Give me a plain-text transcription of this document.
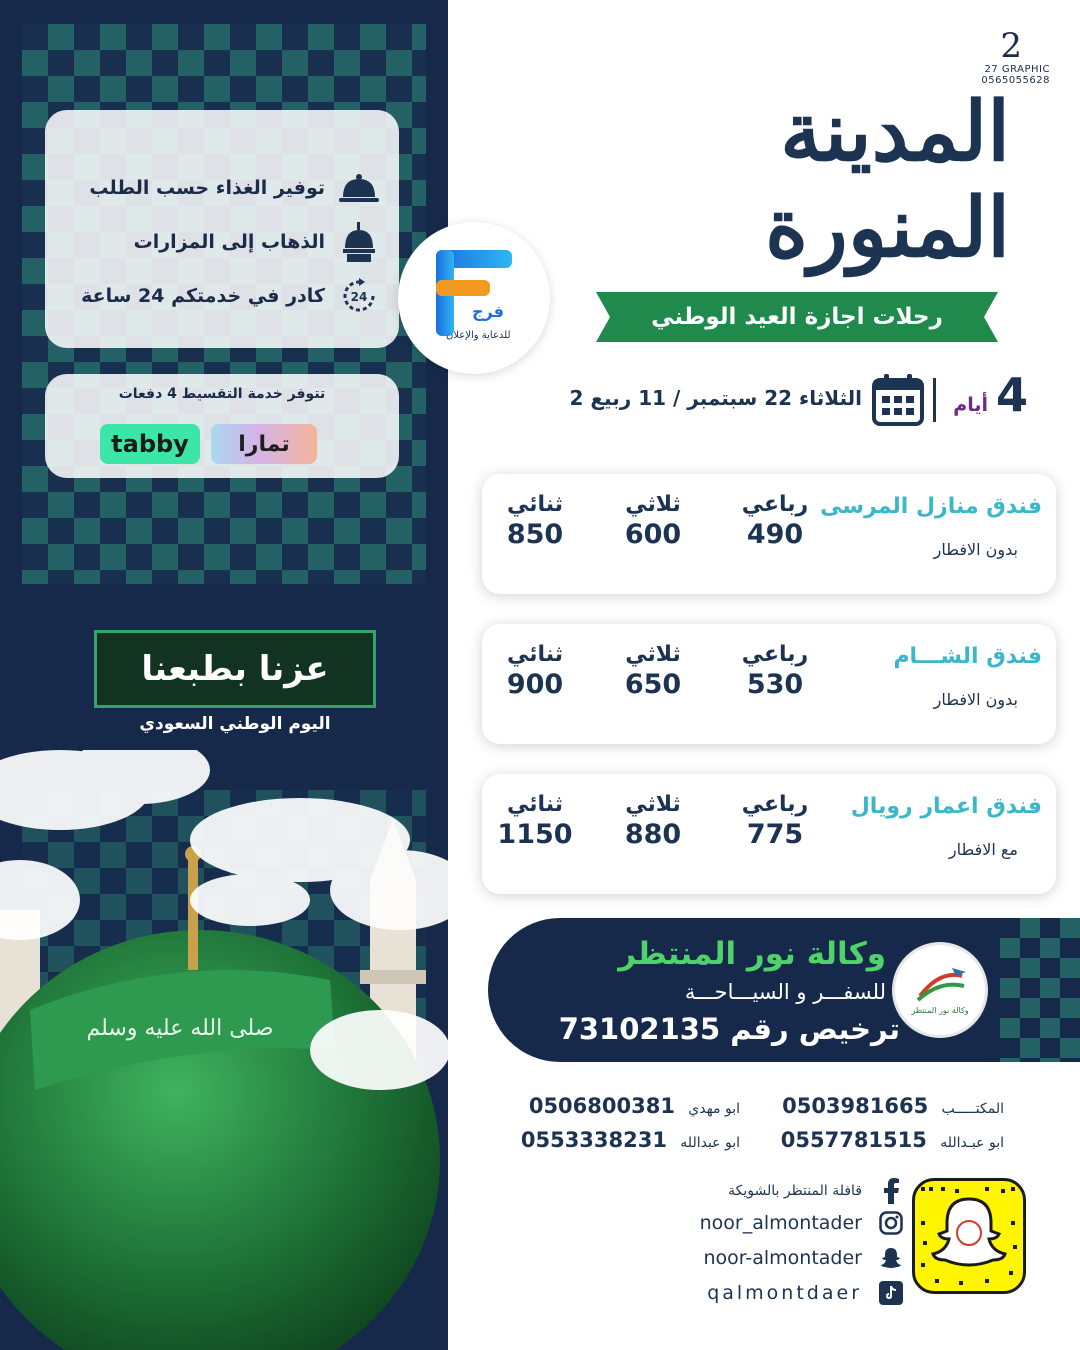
صلى الله عليه وسلم
توفير الغذاء حسب الطلب
الذهاب إلى المزارات
24
كادر في خدمتكم 24 ساعة
تتوفر خدمة التقسيط 4 دفعات
تمارا
tabby
عزنا بطبعنا
اليوم الوطني السعودي
2
27 GRAPHIC
0565055628
المدينة المنورة
فرج
للدعاية والإعلان
رحلات اجازة العيد الوطني
4
أيام
الثلاثاء 22 سبتمبر / 11 ربيع 2
فندق منازل المرسى
بدون الافطار
رباعي
490
ثلاثي
600
ثنائي
850
فندق الشـــام
بدون الافطار
رباعي
530
ثلاثي
650
ثنائي
900
فندق اعمار رويال
مع الافطار
رباعي
775
ثلاثي
880
ثنائي
1150
وكالة نور المنتظر
وكالة نور المنتظر
للسفـــر و السيـــاحـــة
ترخيص رقم 73102135
المكتـــــب 0503981665
ابو مهدي 0506800381
ابو عبـدالله 0557781515
ابو عبدالله 0553338231
قافلة المنتظر بالشويكة
noor_almontader
noor-almontader
qalmontdaer
